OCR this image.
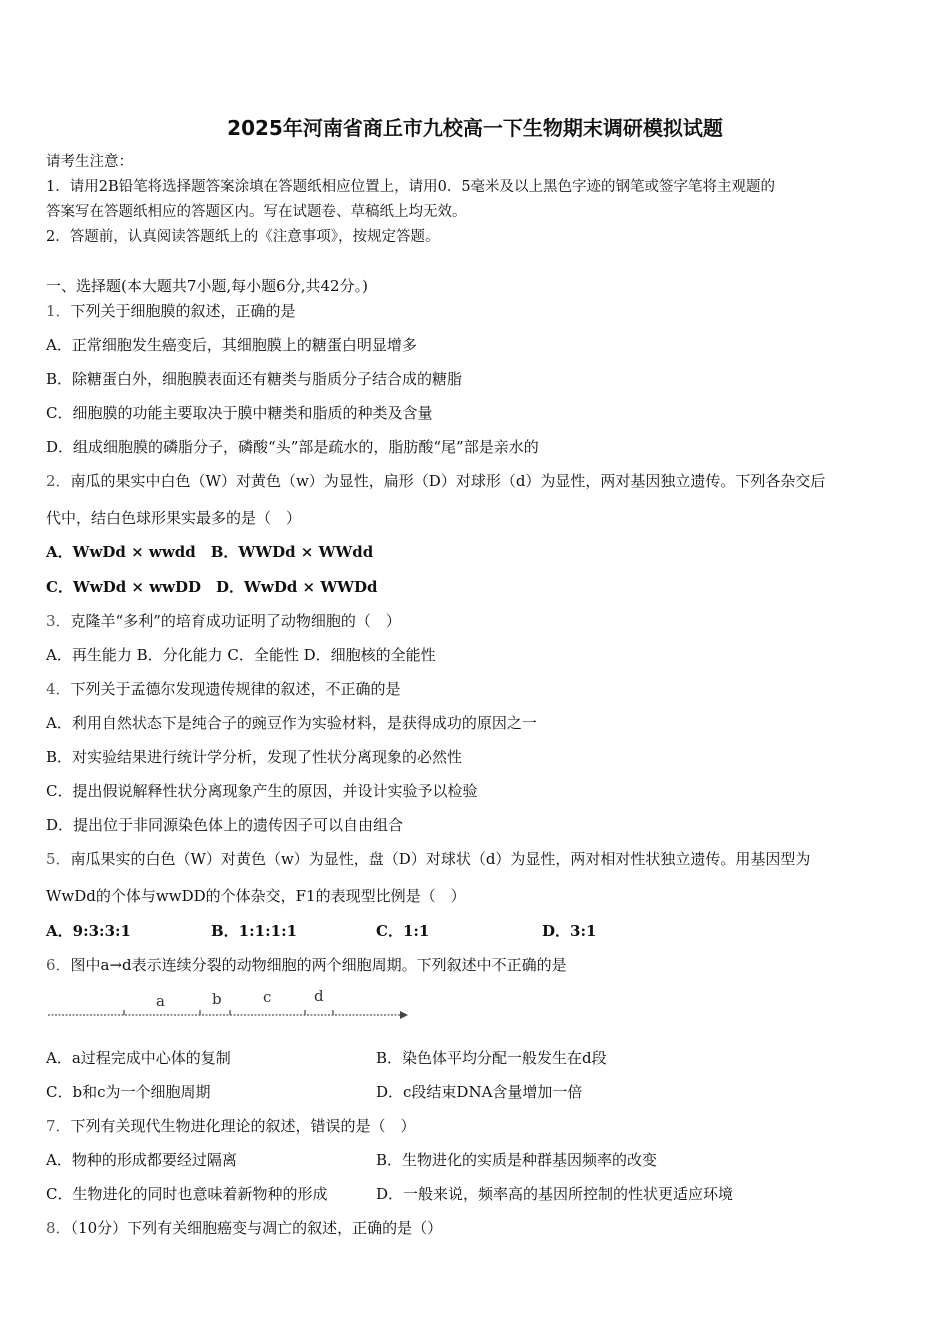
2025年河南省商丘市九校高一下生物期末调研模拟试题
请考生注意：
1．请用2B铅笔将选择题答案涂填在答题纸相应位置上，请用0．5毫米及以上黑色字迹的钢笔或签字笔将主观题的
答案写在答题纸相应的答题区内。写在试题卷、草稿纸上均无效。
2．答题前，认真阅读答题纸上的《注意事项》，按规定答题。
一、选择题(本大题共7小题,每小题6分,共42分。)
1．下列关于细胞膜的叙述，正确的是
A．正常细胞发生癌变后，其细胞膜上的糖蛋白明显增多
B．除糖蛋白外，细胞膜表面还有糖类与脂质分子结合成的糖脂
C．细胞膜的功能主要取决于膜中糖类和脂质的种类及含量
D．组成细胞膜的磷脂分子，磷酸“头”部是疏水的，脂肪酸“尾”部是亲水的
2．南瓜的果实中白色（W）对黄色（w）为显性，扁形（D）对球形（d）为显性，两对基因独立遗传。下列各杂交后
代中，结白色球形果实最多的是（　）
A．WwDd × wwdd　B．WWDd × WWdd
C．WwDd × wwDD　D．WwDd × WWDd
3．克隆羊“多利”的培育成功证明了动物细胞的（　）
A．再生能力 B．分化能力 C．全能性 D．细胞核的全能性
4．下列关于孟德尔发现遗传规律的叙述，不正确的是
A．利用自然状态下是纯合子的豌豆作为实验材料，是获得成功的原因之一
B．对实验结果进行统计学分析，发现了性状分离现象的必然性
C．提出假说解释性状分离现象产生的原因，并设计实验予以检验
D．提出位于非同源染色体上的遗传因子可以自由组合
5．南瓜果实的白色（W）对黄色（w）为显性，盘（D）对球状（d）为显性，两对相对性状独立遗传。用基因型为
WwDd的个体与wwDD的个体杂交，F1的表现型比例是（　）
A．9:3:3:1	B．1:1:1:1	C．1:1	D．3:1
6．图中a→d表示连续分裂的动物细胞的两个细胞周期。下列叙述中不正确的是
a	b	c	d
A．a过程完成中心体的复制	B．染色体平均分配一般发生在d段
C．b和c为一个细胞周期	D．c段结束DNA含量增加一倍
7．下列有关现代生物进化理论的叙述，错误的是（　）
A．物种的形成都要经过隔离	B．生物进化的实质是种群基因频率的改变
C．生物进化的同时也意味着新物种的形成	D．一般来说，频率高的基因所控制的性状更适应环境
8．（10分）下列有关细胞癌变与凋亡的叙述，正确的是（）
